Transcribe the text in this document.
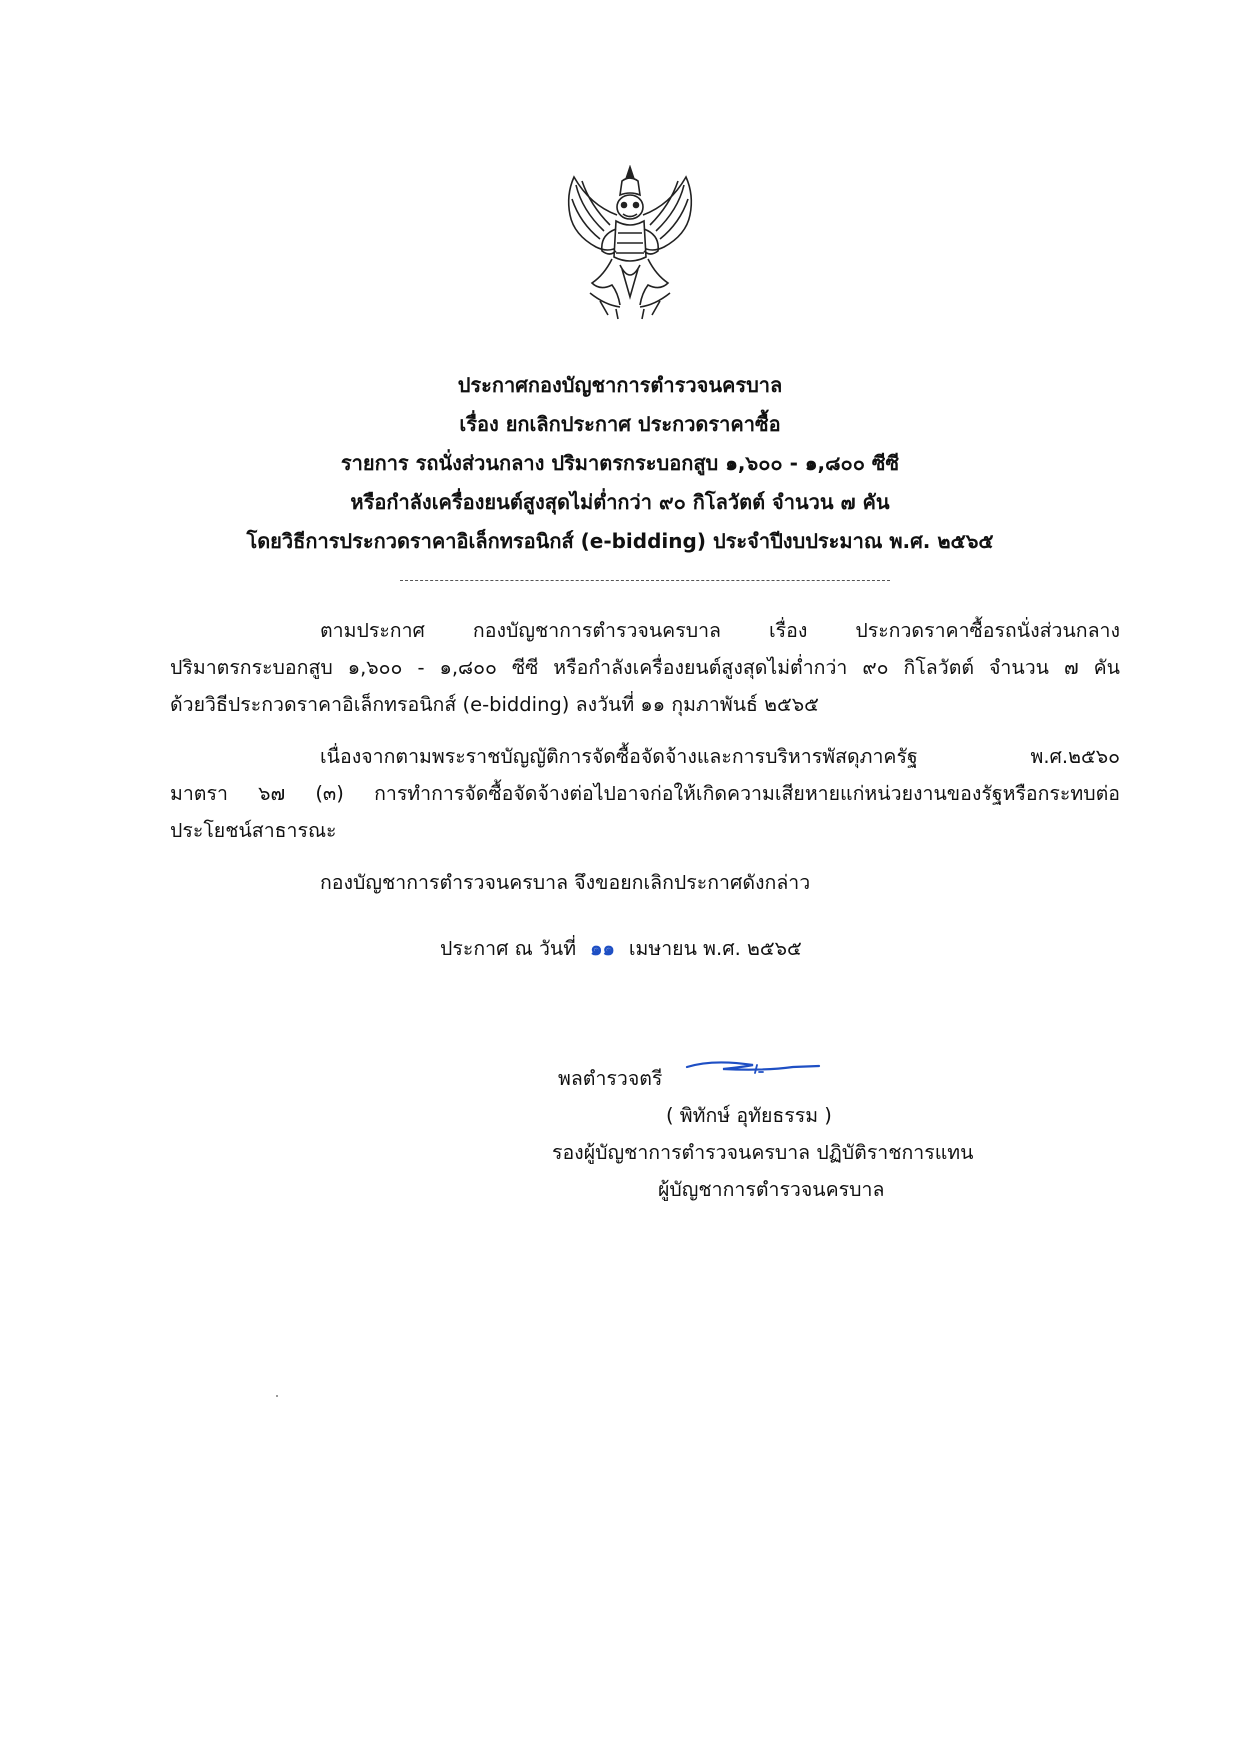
ประกาศกองบัญชาการตำรวจนครบาล
เรื่อง ยกเลิกประกาศ ประกวดราคาซื้อ
รายการ รถนั่งส่วนกลาง ปริมาตรกระบอกสูบ ๑,๖๐๐ - ๑,๘๐๐ ซีซี
หรือกำลังเครื่องยนต์สูงสุดไม่ต่ำกว่า ๙๐ กิโลวัตต์ จำนวน ๗ คัน
โดยวิธีการประกวดราคาอิเล็กทรอนิกส์ (e-bidding) ประจำปีงบประมาณ พ.ศ. ๒๕๖๕
ตามประกาศ กองบัญชาการตำรวจนครบาล เรื่อง ประกวดราคาซื้อรถนั่งส่วนกลาง
ปริมาตรกระบอกสูบ ๑,๖๐๐ - ๑,๘๐๐ ซีซี หรือกำลังเครื่องยนต์สูงสุดไม่ต่ำกว่า ๙๐ กิโลวัตต์ จำนวน ๗ คัน
ด้วยวิธีประกวดราคาอิเล็กทรอนิกส์ (e-bidding) ลงวันที่ ๑๑ กุมภาพันธ์ ๒๕๖๕
เนื่องจากตามพระราชบัญญัติการจัดซื้อจัดจ้างและการบริหารพัสดุภาครัฐ พ.ศ.๒๕๖๐
มาตรา ๖๗ (๓) การทำการจัดซื้อจัดจ้างต่อไปอาจก่อให้เกิดความเสียหายแก่หน่วยงานของรัฐหรือกระทบต่อ
ประโยชน์สาธารณะ
กองบัญชาการตำรวจนครบาล จึงขอยกเลิกประกาศดังกล่าว
ประกาศ ณ วันที่ ๑๑ เมษายน พ.ศ. ๒๕๖๕
พลตำรวจตรี
( พิทักษ์ อุทัยธรรม )
รองผู้บัญชาการตำรวจนครบาล ปฏิบัติราชการแทน
ผู้บัญชาการตำรวจนครบาล
